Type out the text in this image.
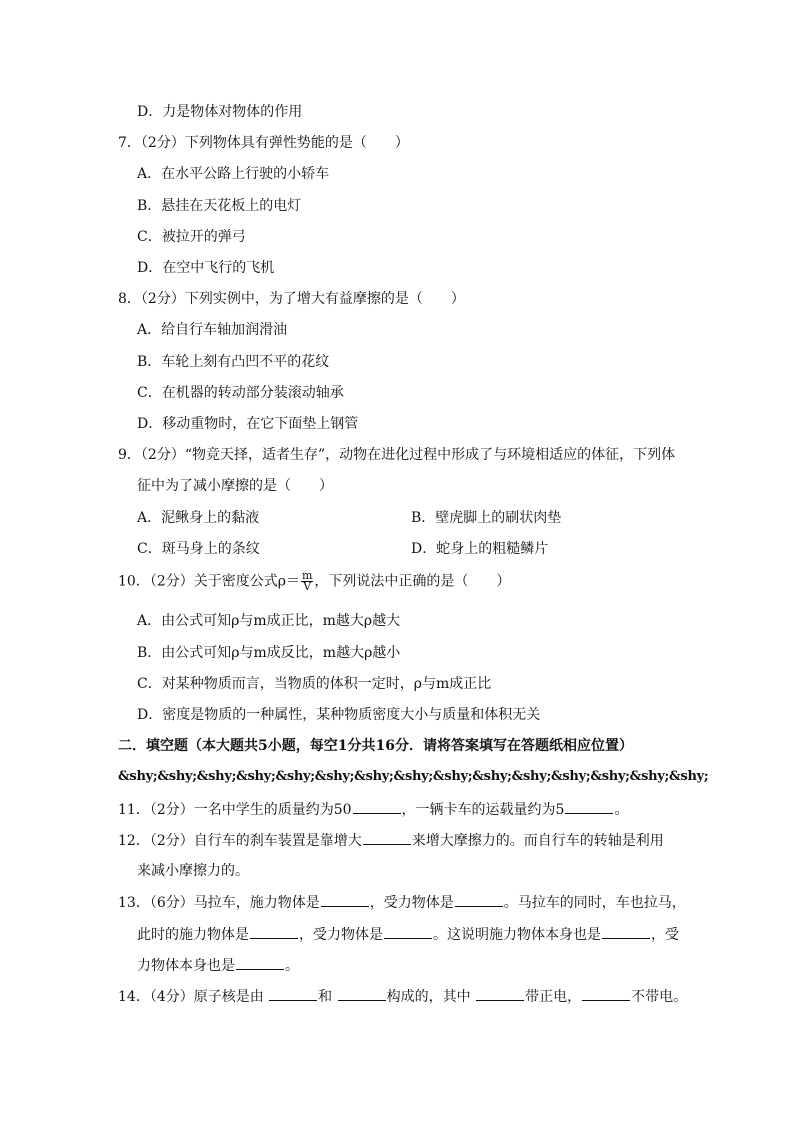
D．力是物体对物体的作用
7．（2分）下列物体具有弹性势能的是（　　）
A．在水平公路上行驶的小轿车
B．悬挂在天花板上的电灯
C．被拉开的弹弓
D．在空中飞行的飞机
8．（2分）下列实例中，为了增大有益摩擦的是（　　）
A．给自行车轴加润滑油
B．车轮上刻有凸凹不平的花纹
C．在机器的转动部分装滚动轴承
D．移动重物时，在它下面垫上钢管
9．（2分）“物竞天择，适者生存”，动物在进化过程中形成了与环境相适应的体征，下列体
征中为了减小摩擦的是（　　）
A．泥鳅身上的黏液	B．壁虎脚上的刷状肉垫
C．斑马身上的条纹	D．蛇身上的粗糙鳞片
10．（2分）关于密度公式$\rho= \frac{m}{V}$ ，下列说法中正确的是（　　）
A．由公式可知ρ与m成正比，m越大ρ越大
B．由公式可知ρ与m成反比，m越大ρ越小
C．对某种物质而言，当物质的体积一定时，ρ与m成正比
D．密度是物质的一种属性，某种物质密度大小与质量和体积无关
二．填空题（本大题共5小题，每空1分共16分．请将答案填写在答题纸相应位置）
&shy;&shy;&shy;&shy;&shy;&shy;&shy;&shy;&shy;&shy;&shy;&shy;&shy;&shy;&shy;
11．（2分）一名中学生的质量约为50	，一辆卡车的运载量约为5	。
12．（2分）自行车的刹车装置是靠增大	来增大摩擦力的。而自行车的转轴是利用
来减小摩擦力的。
13．（6分）马拉车，施力物体是	，受力物体是	。马拉车的同时，车也拉马，
此时的施力物体是	，受力物体是	。这说明施力物体本身也是	，受
力物体本身也是	。
14．（4分）原子核是由	和	构成的，其中	带正电，	不带电。
